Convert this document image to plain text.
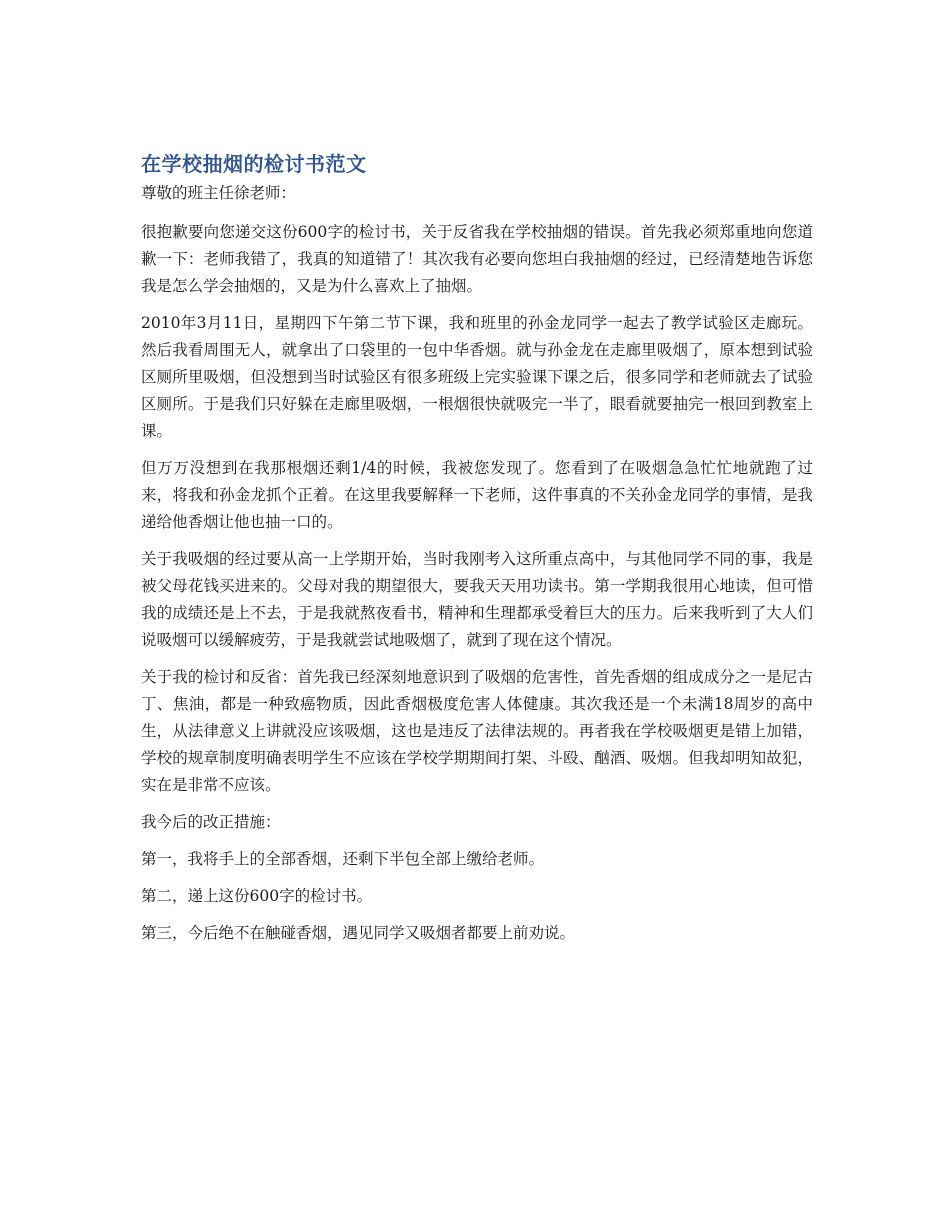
在学校抽烟的检讨书范文

尊敬的班主任徐老师：

很抱歉要向您递交这份600字的检讨书，关于反省我在学校抽烟的错误。首先我必须郑重地向您道歉一下：老师我错了，我真的知道错了！其次我有必要向您坦白我抽烟的经过，已经清楚地告诉您我是怎么学会抽烟的，又是为什么喜欢上了抽烟。

2010年3月11日，星期四下午第二节下课，我和班里的孙金龙同学一起去了教学试验区走廊玩。然后我看周围无人，就拿出了口袋里的一包中华香烟。就与孙金龙在走廊里吸烟了，原本想到试验区厕所里吸烟，但没想到当时试验区有很多班级上完实验课下课之后，很多同学和老师就去了试验区厕所。于是我们只好躲在走廊里吸烟，一根烟很快就吸完一半了，眼看就要抽完一根回到教室上课。

但万万没想到在我那根烟还剩1/4的时候，我被您发现了。您看到了在吸烟急急忙忙地就跑了过来，将我和孙金龙抓个正着。在这里我要解释一下老师，这件事真的不关孙金龙同学的事情，是我递给他香烟让他也抽一口的。

关于我吸烟的经过要从高一上学期开始，当时我刚考入这所重点高中，与其他同学不同的事，我是被父母花钱买进来的。父母对我的期望很大，要我天天用功读书。第一学期我很用心地读，但可惜我的成绩还是上不去，于是我就熬夜看书，精神和生理都承受着巨大的压力。后来我听到了大人们说吸烟可以缓解疲劳，于是我就尝试地吸烟了，就到了现在这个情况。

关于我的检讨和反省：首先我已经深刻地意识到了吸烟的危害性，首先香烟的组成成分之一是尼古丁、焦油，都是一种致癌物质，因此香烟极度危害人体健康。其次我还是一个未满18周岁的高中生，从法律意义上讲就没应该吸烟，这也是违反了法律法规的。再者我在学校吸烟更是错上加错，学校的规章制度明确表明学生不应该在学校学期期间打架、斗殴、酗酒、吸烟。但我却明知故犯，实在是非常不应该。

我今后的改正措施：

第一，我将手上的全部香烟，还剩下半包全部上缴给老师。

第二，递上这份600字的检讨书。

第三，今后绝不在触碰香烟，遇见同学又吸烟者都要上前劝说。
